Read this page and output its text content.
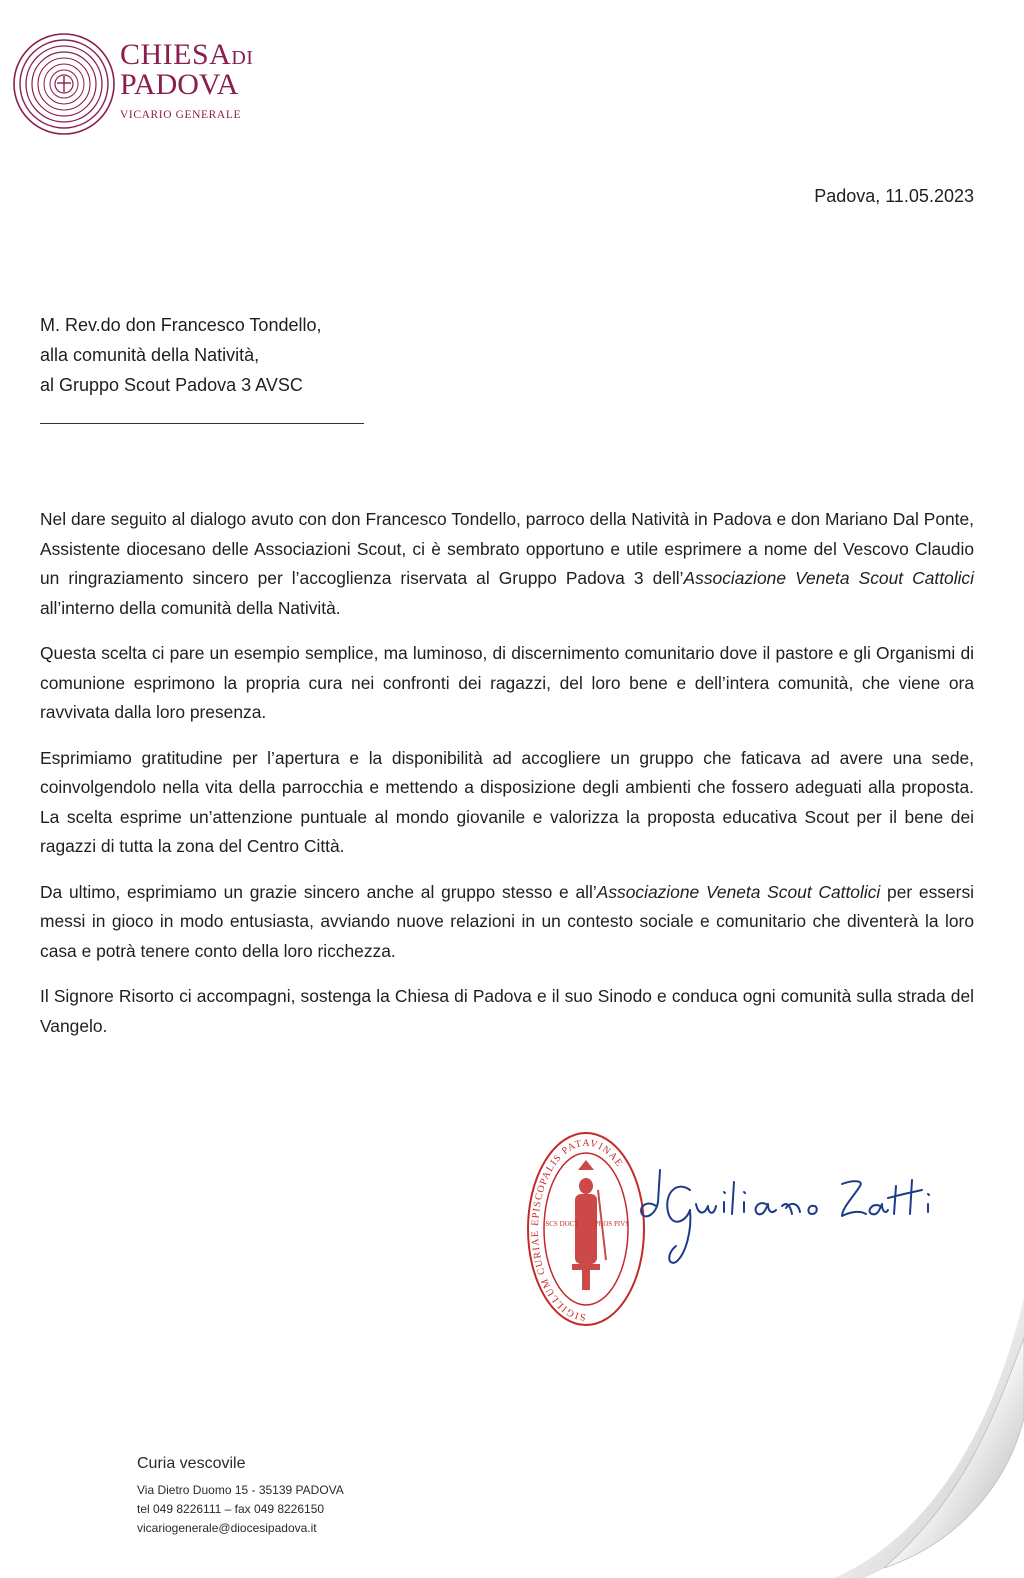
CHIESADI
PADOVA
VICARIO GENERALE
Padova, 11.05.2023
M. Rev.do don Francesco Tondello,
alla comunità della Natività,
al Gruppo Scout Padova 3 AVSC

Nel dare seguito al dialogo avuto con don Francesco Tondello, parroco della Natività in Padova e don Mariano Dal Ponte, Assistente diocesano delle Associazioni Scout, ci è sembrato opportuno e utile esprimere a nome del Vescovo Claudio un ringraziamento sincero per l’accoglienza riservata al Gruppo Padova 3 dell’Associazione Veneta Scout Cattolici all’interno della comunità della Natività.

Questa scelta ci pare un esempio semplice, ma luminoso, di discernimento comunitario dove il pastore e gli Organismi di comunione esprimono la propria cura nei confronti dei ragazzi, del loro bene e dell’intera comunità, che viene ora ravvivata dalla loro presenza.

Esprimiamo gratitudine per l’apertura e la disponibilità ad accogliere un gruppo che faticava ad avere una sede, coinvolgendolo nella vita della parrocchia e mettendo a disposizione degli ambienti che fossero adeguati alla proposta. La scelta esprime un’attenzione puntuale al mondo giovanile e valorizza la proposta educativa Scout per il bene dei ragazzi di tutta la zona del Centro Città.

Da ultimo, esprimiamo un grazie sincero anche al gruppo stesso e all’Associazione Veneta Scout Cattolici per essersi messi in gioco in modo entusiasta, avviando nuove relazioni in un contesto sociale e comunitario che diventerà la loro casa e potrà tenere conto della loro ricchezza.

Il Signore Risorto ci accompagni, sostenga la Chiesa di Padova e il suo Sinodo e conduca ogni comunità sulla strada del Vangelo.

SIGILLUM CURIAE EPISCOPALIS PATAVINAE
SCS DOCT PROS PIVS
Curia vescovile
Via Dietro Duomo 15 - 35139 PADOVA
tel 049 8226111 – fax 049 8226150
vicariogenerale@diocesipadova.it
